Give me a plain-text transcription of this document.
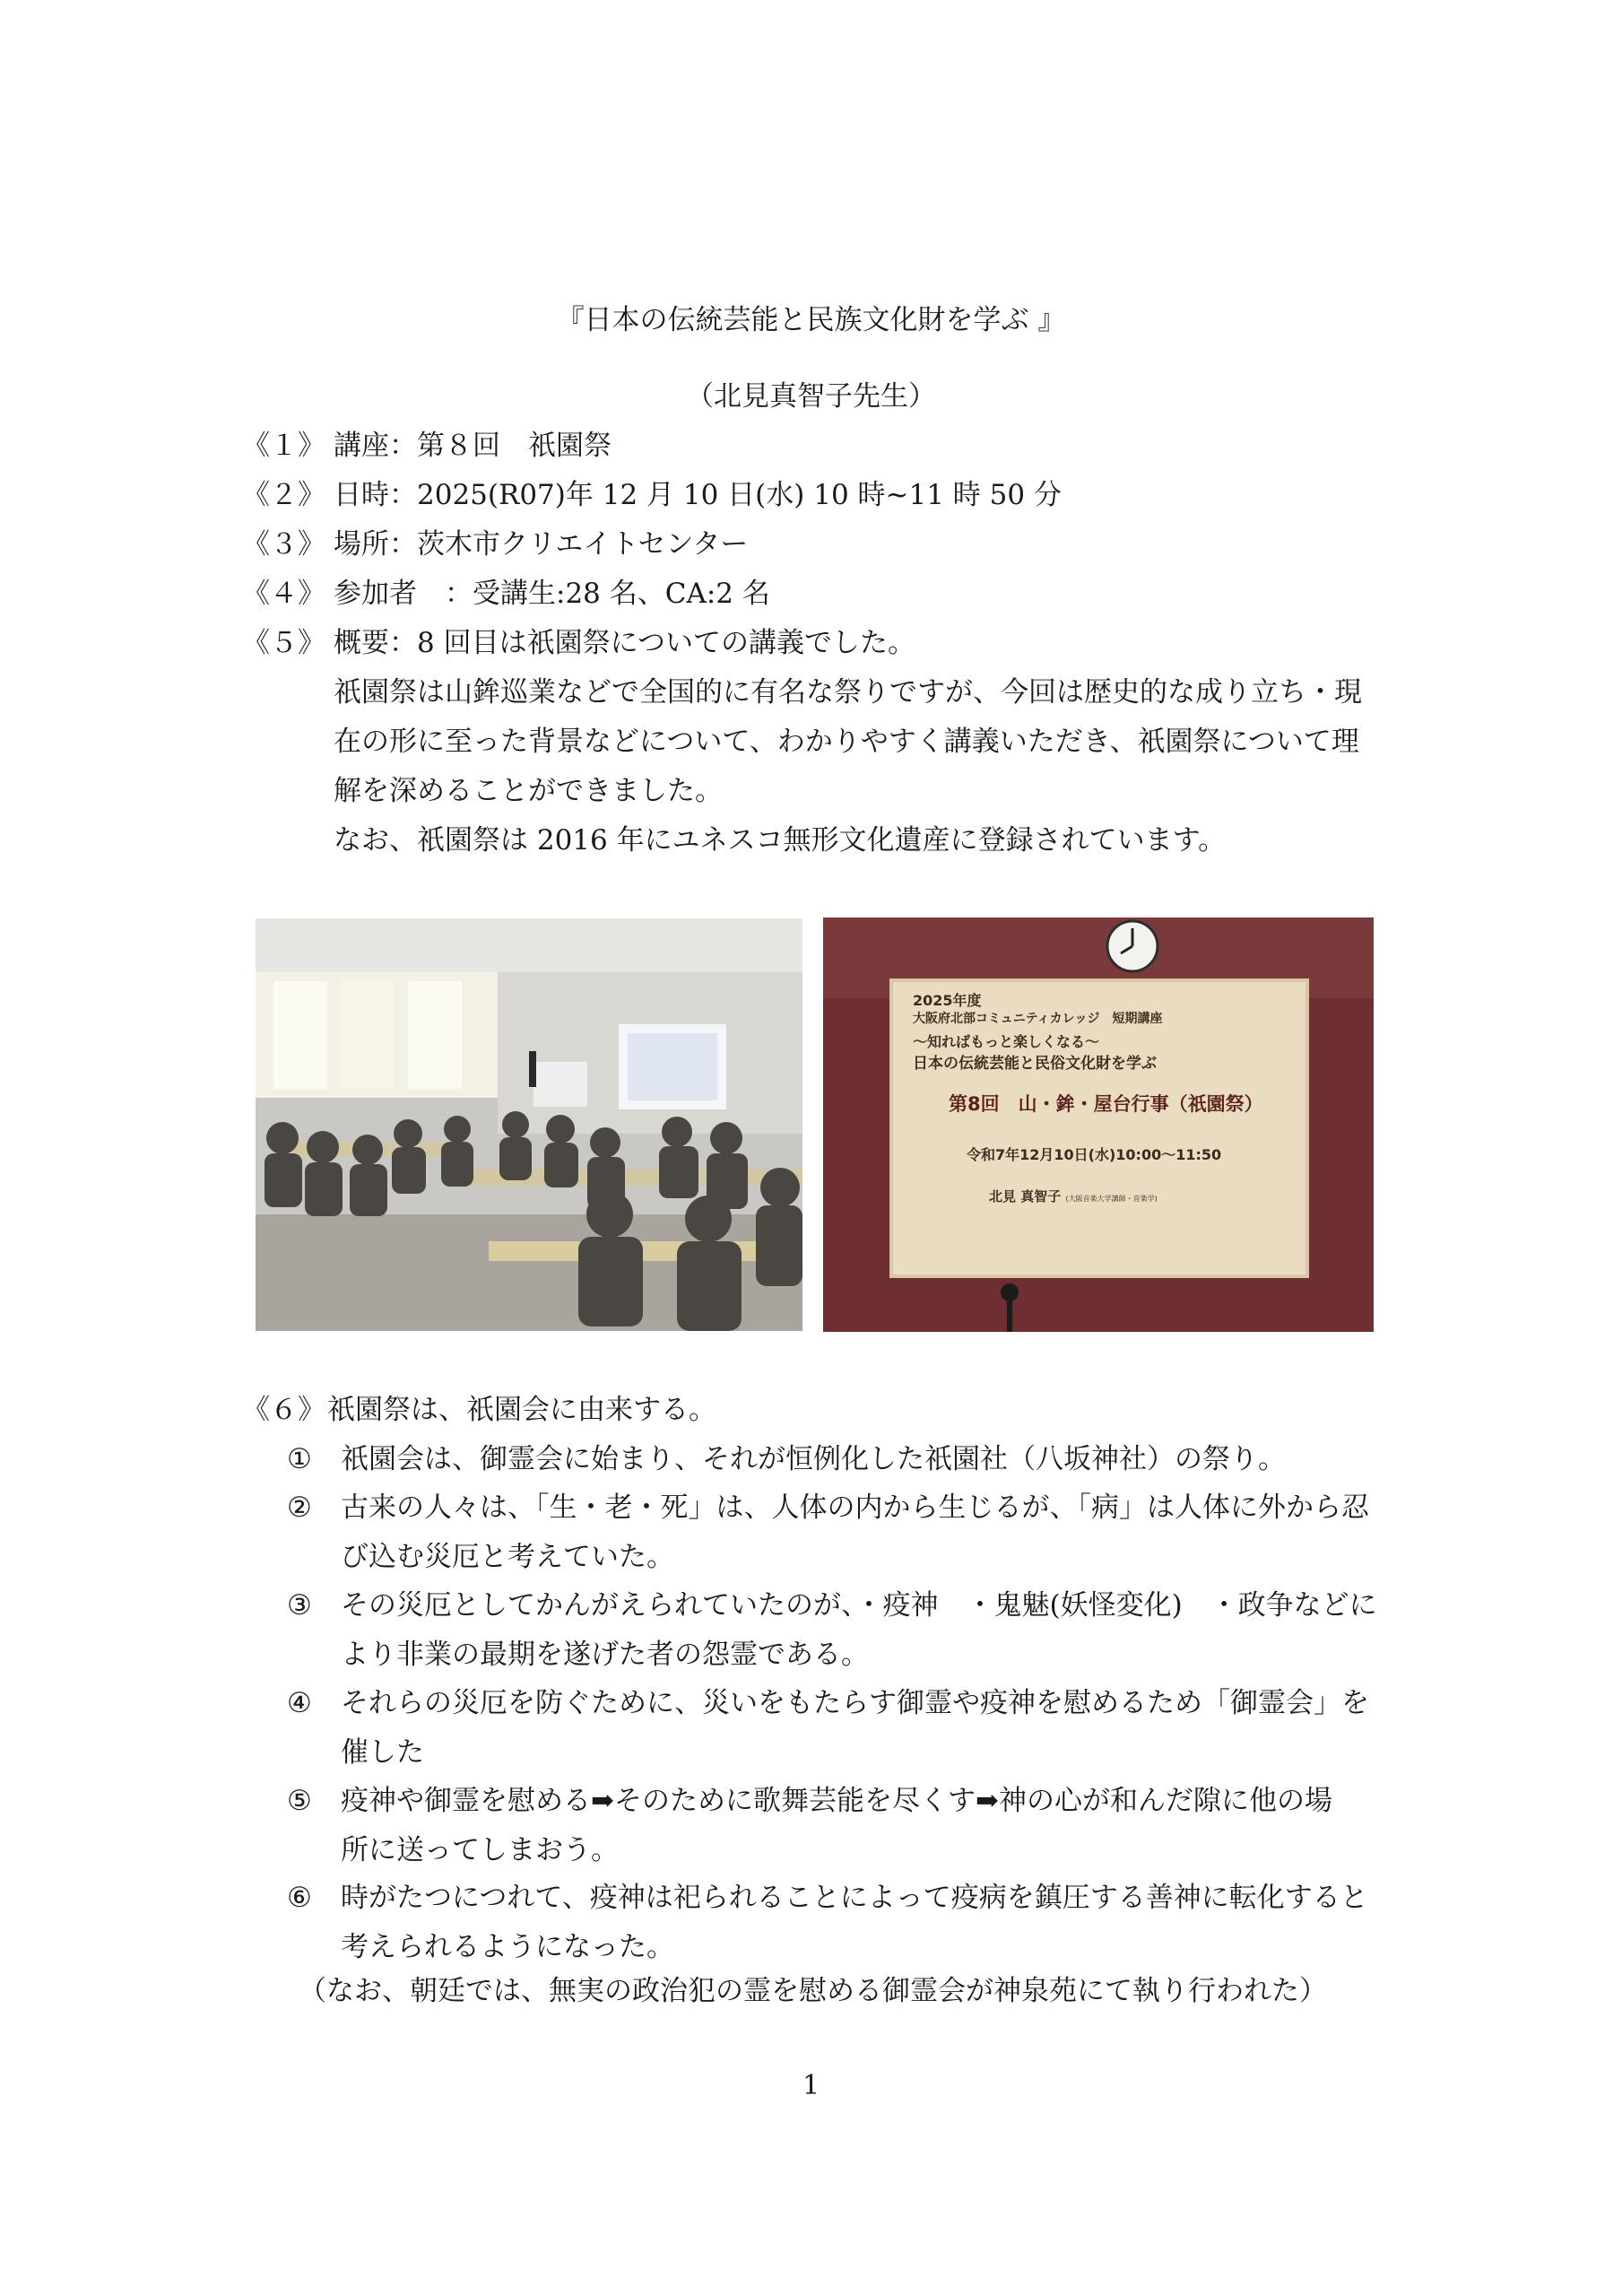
『日本の伝統芸能と民族文化財を学ぶ 』
（北見真智子先生）
《１》 講座：第８回　祇園祭
《２》 日時：2025(R07)年 12 月 10 日(水) 10 時~11 時 50 分
《３》 場所：茨木市クリエイトセンター
《４》 参加者　：受講生:28 名、CA:2 名
《５》 概要：8 回目は祇園祭についての講義でした。
祇園祭は山鉾巡業などで全国的に有名な祭りですが、今回は歴史的な成り立ち・現
在の形に至った背景などについて、わかりやすく講義いただき、祇園祭について理
解を深めることができました。
なお、祇園祭は 2016 年にユネスコ無形文化遺産に登録されています。
2025年度
大阪府北部コミュニティカレッジ　短期講座
〜知ればもっと楽しくなる〜
日本の伝統芸能と民俗文化財を学ぶ
第8回　山・鉾・屋台行事（祇園祭）
令和7年12月10日(水)10:00〜11:50
北見 真智子 (大阪音楽大学講師・音楽学)
《６》祇園祭は、祇園会に由来する。
① 祇園会は、御霊会に始まり、それが恒例化した祇園社（八坂神社）の祭り。
② 古来の人々は、「生・老・死」は、人体の内から生じるが、「病」は人体に外から忍
び込む災厄と考えていた。
③ その災厄としてかんがえられていたのが、・疫神　・鬼魅(妖怪変化)　・政争などに
より非業の最期を遂げた者の怨霊である。
④ それらの災厄を防ぐために、災いをもたらす御霊や疫神を慰めるため「御霊会」を
催した
⑤ 疫神や御霊を慰める➡そのために歌舞芸能を尽くす➡神の心が和んだ隙に他の場
所に送ってしまおう。
⑥ 時がたつにつれて、疫神は祀られることによって疫病を鎮圧する善神に転化すると
考えられるようになった。
（なお、朝廷では、無実の政治犯の霊を慰める御霊会が神泉苑にて執り行われた）
1
